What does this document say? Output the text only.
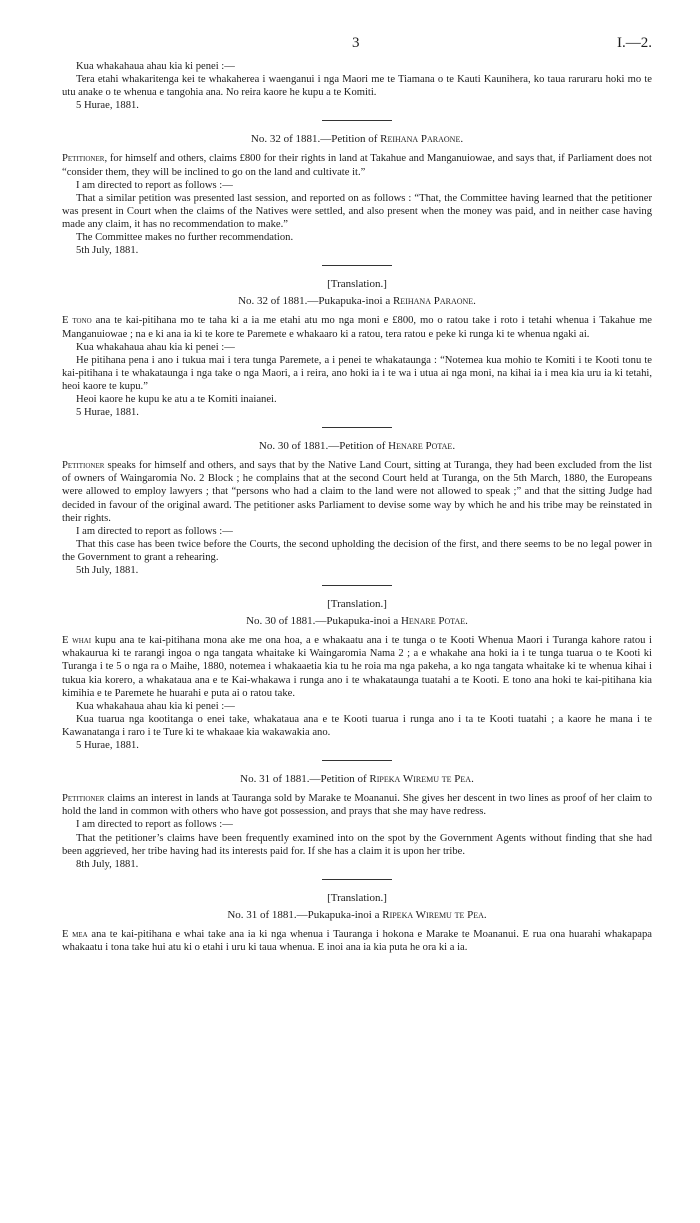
3	I.—2.

Kua whakahaua ahau kia ki penei :—

Tera etahi whakaritenga kei te whakaherea i waenganui i nga Maori me te Tiamana o te Kauti Kaunihera, ko taua raruraru hoki mo te utu anake o te whenua e tangohia ana. No reira kaore he kupu a te Komiti.

5 Hurae, 1881.

No. 32 of 1881.—Petition of Reihana Paraone.

Petitioner, for himself and others, claims £800 for their rights in land at Takahue and Manganuiowae, and says that, if Parliament does not “consider them, they will be inclined to go on the land and cultivate it.”

I am directed to report as follows :—

That a similar petition was presented last session, and reported on as follows : “That, the Committee having learned that the petitioner was present in Court when the claims of the Natives were settled, and also present when the money was paid, and in neither case having made any claim, it has no recommendation to make.”

The Committee makes no further recommendation.

5th July, 1881.

[Translation.]

No. 32 of 1881.—Pukapuka-inoi a Reihana Paraone.

E tono ana te kai-pitihana mo te taha ki a ia me etahi atu mo nga moni e £800, mo o ratou take i roto i tetahi whenua i Takahue me Manganuiowae ; na e ki ana ia ki te kore te Paremete e whakaaro ki a ratou, tera ratou e peke ki runga ki te whenua ngaki ai.

Kua whakahaua ahau kia ki penei :—

He pitihana pena i ano i tukua mai i tera tunga Paremete, a i penei te whakataunga : “Notemea kua mohio te Komiti i te Kooti tonu te kai-pitihana i te whakataunga i nga take o nga Maori, a i reira, ano hoki ia i te wa i utua ai nga moni, na kihai ia i mea kia uru ia ki tetahi, heoi kaore te kupu.”

Heoi kaore he kupu ke atu a te Komiti inaianei.

5 Hurae, 1881.

No. 30 of 1881.—Petition of Henare Potae.

Petitioner speaks for himself and others, and says that by the Native Land Court, sitting at Turanga, they had been excluded from the list of owners of Waingaromia No. 2 Block ; he complains that at the second Court held at Turanga, on the 5th March, 1880, the Europeans were allowed to employ lawyers ; that “persons who had a claim to the land were not allowed to speak ;” and that the sitting Judge had decided in favour of the original award. The petitioner asks Parliament to devise some way by which he and his tribe may be reinstated in their rights.

I am directed to report as follows :—

That this case has been twice before the Courts, the second upholding the decision of the first, and there seems to be no legal power in the Government to grant a rehearing.

5th July, 1881.

[Translation.]

No. 30 of 1881.—Pukapuka-inoi a Henare Potae.

E whai kupu ana te kai-pitihana mona ake me ona hoa, a e whakaatu ana i te tunga o te Kooti Whenua Maori i Turanga kahore ratou i whakaurua ki te rarangi ingoa o nga tangata whaitake ki Waingaromia Nama 2 ; a e whakahe ana hoki ia i te tunga tuarua o te Kooti ki Turanga i te 5 o nga ra o Maihe, 1880, notemea i whakaaetia kia tu he roia ma nga pakeha, a ko nga tangata whaitake ki te whenua kihai i tukua kia korero, a whakatauа ana e te Kai-whakawa i runga ano i te whakataunga tuatahi a te Kooti. E tono ana hoki te kai-pitihana kia kimihia e te Paremete he huarahi e puta ai o ratou take.

Kua whakahaua ahau kia ki penei :—

Kua tuarua nga kootitanga o enei take, whakatauа ana e te Kooti tuarua i runga ano i ta te Kooti tuatahi ; a kaore he mana i te Kawanatanga i raro i te Ture ki te whakaae kia wakawakia ano.

5 Hurae, 1881.

No. 31 of 1881.—Petition of Ripeka Wiremu te Pea.

Petitioner claims an interest in lands at Tauranga sold by Marake te Moananui. She gives her descent in two lines as proof of her claim to hold the land in common with others who have got possession, and prays that she may have redress.

I am directed to report as follows :—

That the petitioner’s claims have been frequently examined into on the spot by the Government Agents without finding that she had been aggrieved, her tribe having had its interests paid for. If she has a claim it is upon her tribe.

8th July, 1881.

[Translation.]

No. 31 of 1881.—Pukapuka-inoi a Ripeka Wiremu te Pea.

E mea ana te kai-pitihana e whai take ana ia ki nga whenua i Tauranga i hokona e Marake te Moananui. E rua ona huarahi whakapapa whakaatu i tona take hui atu ki o etahi i uru ki taua whenua. E inoi ana ia kia puta he ora ki a ia.
